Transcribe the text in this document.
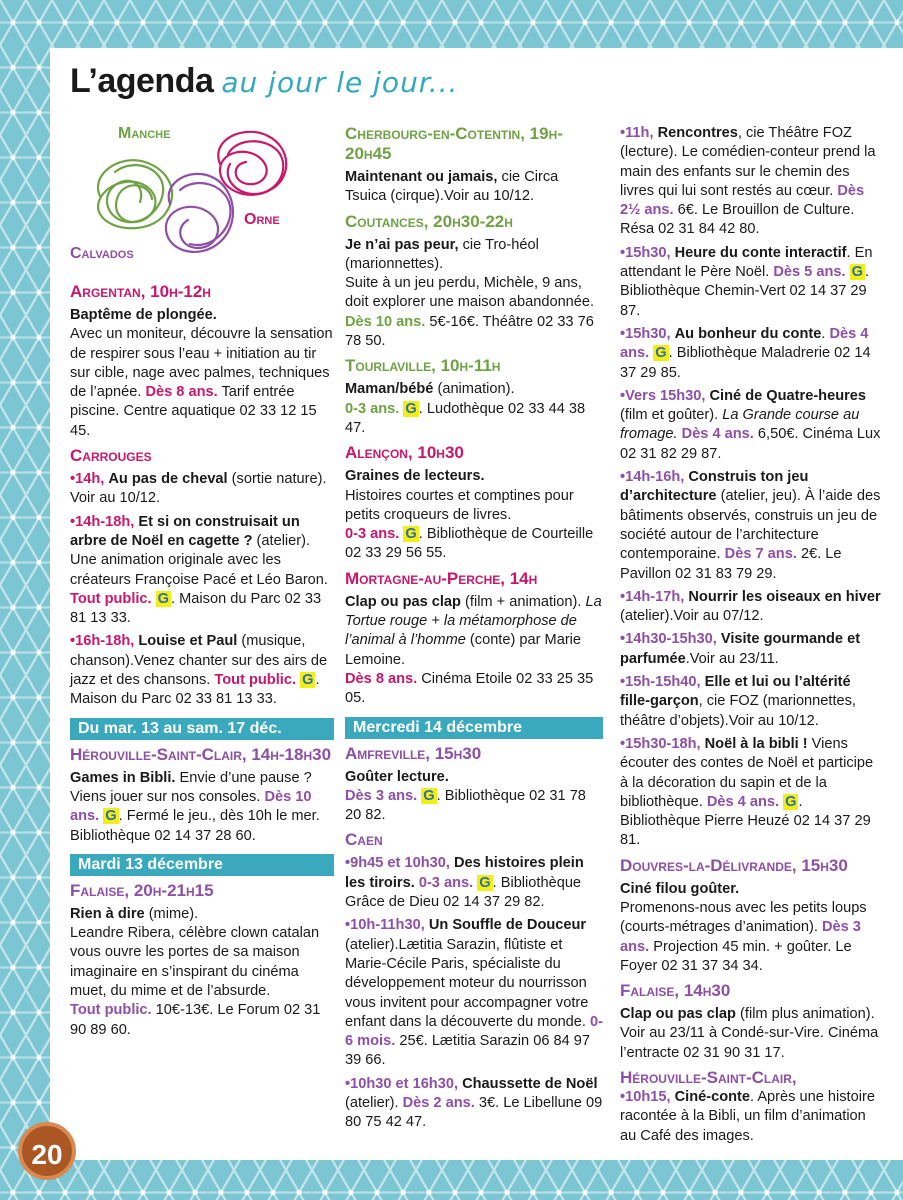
L’agenda au jour le jour...
Manche
Orne
Calvados
Argentan, 10h-12h
Baptême de plongée.
Avec un moniteur, découvre la sensation de respirer sous l’eau + initiation au tir sur cible, nage avec palmes, techniques de l’apnée. Dès 8 ans. Tarif entrée piscine. Centre aquatique 02 33 12 15 45.
Carrouges
•14h, Au pas de cheval (sortie nature). Voir au 10/12.
•14h-18h, Et si on construisait un arbre de Noël en cagette ? (atelier). Une animation originale avec les créateurs Françoise Pacé et Léo Baron. Tout public. G . Maison du Parc 02 33 81 13 33.
•16h-18h, Louise et Paul (musique, chanson).Venez chanter sur des airs de jazz et des chansons. Tout public. G . Maison du Parc 02 33 81 13 33.
Du mar. 13 au sam. 17 déc.
Hérouville-Saint-Clair, 14h-18h30
Games in Bibli. Envie d’une pause ? Viens jouer sur nos consoles. Dès 10 ans. G . Fermé le jeu., dès 10h le mer. Bibliothèque 02 14 37 28 60.
Mardi 13 décembre
Falaise, 20h-21h15
Rien à dire (mime).
Leandre Ribera, célèbre clown catalan vous ouvre les portes de sa maison imaginaire en s’inspirant du cinéma muet, du mime et de l’absurde.
Tout public. 10€-13€. Le Forum 02 31 90 89 60.
Cherbourg-en-Cotentin, 19h-20h45
Maintenant ou jamais, cie Circa Tsuica (cirque).Voir au 10/12.
Coutances, 20h30-22h
Je n’ai pas peur, cie Tro-héol (marionnettes).
Suite à un jeu perdu, Michèle, 9 ans, doit explorer une maison abandonnée.
Dès 10 ans. 5€-16€. Théâtre 02 33 76 78 50.
Tourlaville, 10h-11h
Maman/bébé (animation).
0-3 ans. G . Ludothèque 02 33 44 38 47.
Alençon, 10h30
Graines de lecteurs.
Histoires courtes et comptines pour petits croqueurs de livres.
0-3 ans. G . Bibliothèque de Courteille 02 33 29 56 55.
Mortagne-au-Perche, 14h
Clap ou pas clap (film + animation). La Tortue rouge + la métamorphose de l’animal à l’homme (conte) par Marie Lemoine.
Dès 8 ans. Cinéma Etoile 02 33 25 35 05.
Mercredi 14 décembre
Amfreville, 15h30
Goûter lecture.
Dès 3 ans. G . Bibliothèque 02 31 78 20 82.
Caen
•9h45 et 10h30, Des histoires plein les tiroirs. 0-3 ans. G . Bibliothèque Grâce de Dieu 02 14 37 29 82.
•10h-11h30, Un Souffle de Douceur (atelier).Lætitia Sarazin, flûtiste et Marie-Cécile Paris, spécialiste du développement moteur du nourrisson vous invitent pour accompagner votre enfant dans la découverte du monde. 0-6 mois. 25€. Lætitia Sarazin 06 84 97 39 66.
•10h30 et 16h30, Chaussette de Noël (atelier). Dès 2 ans. 3€. Le Libellune 09 80 75 42 47.
•11h, Rencontres, cie Théâtre FOZ (lecture). Le comédien-conteur prend la main des enfants sur le chemin des livres qui lui sont restés au cœur. Dès 2½ ans. 6€. Le Brouillon de Culture. Résa 02 31 84 42 80.
•15h30, Heure du conte interactif. En attendant le Père Noël. Dès 5 ans. G . Bibliothèque Chemin-Vert 02 14 37 29 87.
•15h30, Au bonheur du conte. Dès 4 ans. G . Bibliothèque Maladrerie 02 14 37 29 85.
•Vers 15h30, Ciné de Quatre-heures (film et goûter). La Grande course au fromage. Dès 4 ans. 6,50€. Cinéma Lux 02 31 82 29 87.
•14h-16h, Construis ton jeu d’architecture (atelier, jeu). À l’aide des bâtiments observés, construis un jeu de société autour de l’architecture contemporaine. Dès 7 ans. 2€. Le Pavillon 02 31 83 79 29.
•14h-17h, Nourrir les oiseaux en hiver (atelier).Voir au 07/12.
•14h30-15h30, Visite gourmande et parfumée.Voir au 23/11.
•15h-15h40, Elle et lui ou l’altérité fille-garçon, cie FOZ (marionnettes, théâtre d’objets).Voir au 10/12.
•15h30-18h, Noël à la bibli ! Viens écouter des contes de Noël et participe à la décoration du sapin et de la bibliothèque. Dès 4 ans. G . Bibliothèque Pierre Heuzé 02 14 37 29 81.
Douvres-la-Délivrande, 15h30
Ciné filou goûter.
Promenons-nous avec les petits loups (courts-métrages d’animation). Dès 3 ans. Projection 45 min. + goûter. Le Foyer 02 31 37 34 34.
Falaise, 14h30
Clap ou pas clap (film plus animation). Voir au 23/11 à Condé-sur-Vire. Cinéma l’entracte 02 31 90 31 17.
Hérouville-Saint-Clair,
•10h15, Ciné-conte. Après une histoire racontée à la Bibli, un film d’animation au Café des images.
20
